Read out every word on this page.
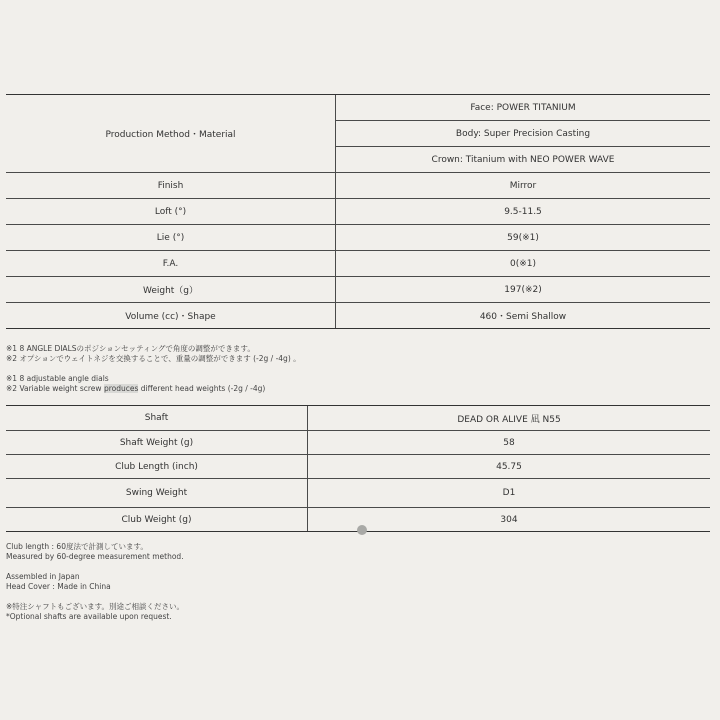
Production Method・Material	Face: POWER TITANIUM
	Body: Super Precision Casting
	Crown: Titanium with NEO POWER WAVE
Finish	Mirror
Loft (°)	9.5-11.5
Lie (°)	59(※1)
F.A.	0(※1)
Weight（g）	197(※2)
Volume (cc)・Shape	460・Semi Shallow

※1 8 ANGLE DIALSのポジションセッティングで角度の調整ができます。

※2 オプションでウェイトネジを交換することで、重量の調整ができます (-2g / -4g) 。

※1 8 adjustable angle dials

※2 Variable weight screw produces different head weights (-2g / -4g)

Shaft	DEAD OR ALIVE 凪 N55
Shaft Weight (g)	58
Club Length (inch)	45.75
Swing Weight	D1
Club Weight (g)	304

Club length : 60度法で計測しています。

Measured by 60-degree measurement method.

Assembled in Japan

Head Cover : Made in China

※特注シャフトもございます。別途ご相談ください。

*Optional shafts are available upon request.
